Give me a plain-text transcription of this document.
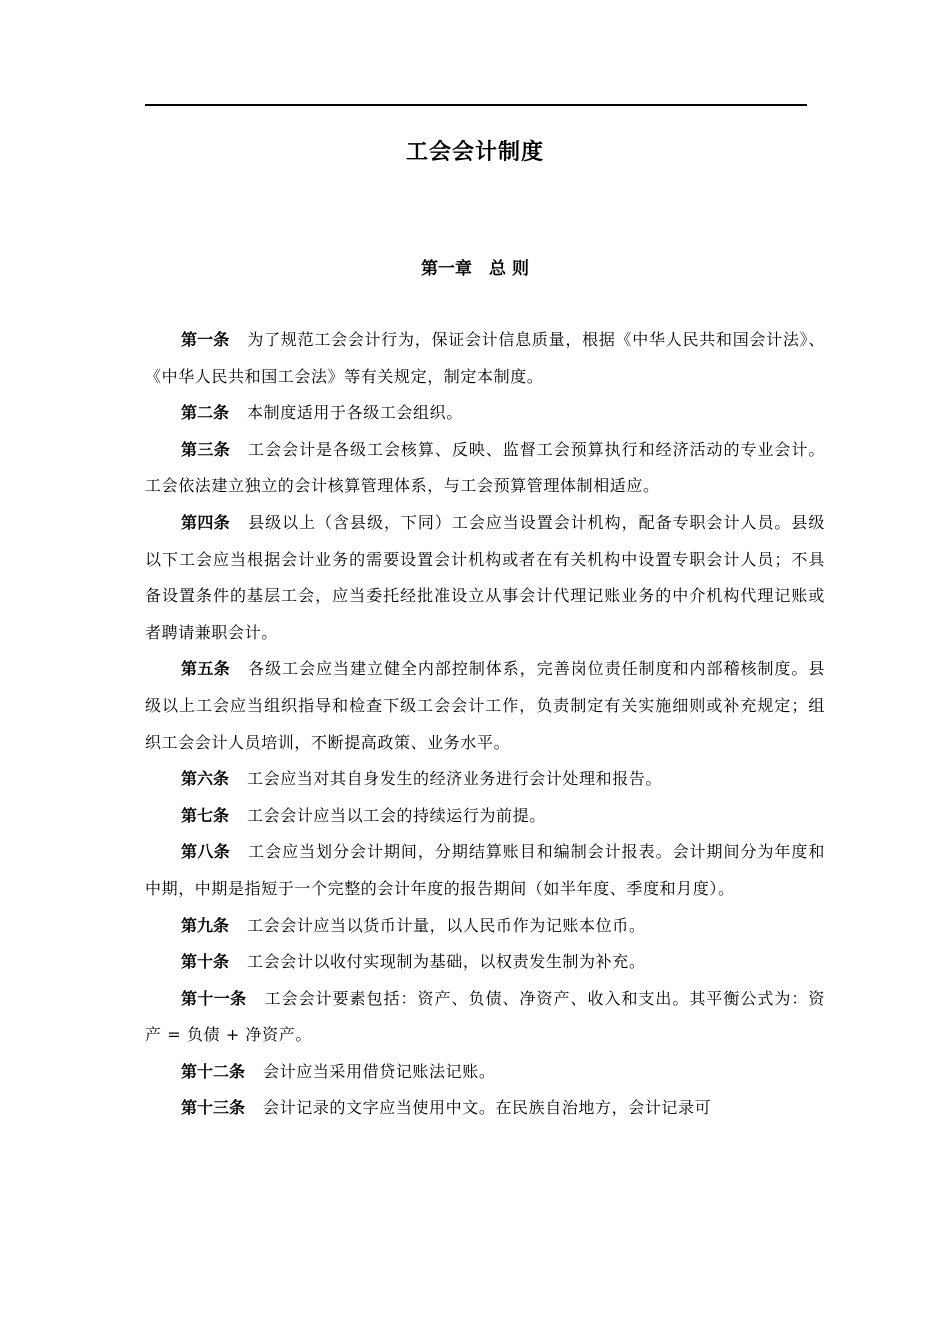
工会会计制度
第一章　总 则

第一条 为了规范工会会计行为，保证会计信息质量，根据《中华人民共和国会计法》、《中华人民共和国工会法》等有关规定，制定本制度。

第二条 本制度适用于各级工会组织。

第三条 工会会计是各级工会核算、反映、监督工会预算执行和经济活动的专业会计。工会依法建立独立的会计核算管理体系，与工会预算管理体制相适应。

第四条 县级以上（含县级，下同）工会应当设置会计机构，配备专职会计人员。县级以下工会应当根据会计业务的需要设置会计机构或者在有关机构中设置专职会计人员；不具备设置条件的基层工会，应当委托经批准设立从事会计代理记账业务的中介机构代理记账或者聘请兼职会计。

第五条 各级工会应当建立健全内部控制体系，完善岗位责任制度和内部稽核制度。县级以上工会应当组织指导和检查下级工会会计工作，负责制定有关实施细则或补充规定；组织工会会计人员培训，不断提高政策、业务水平。

第六条 工会应当对其自身发生的经济业务进行会计处理和报告。

第七条 工会会计应当以工会的持续运行为前提。

第八条 工会应当划分会计期间，分期结算账目和编制会计报表。会计期间分为年度和中期，中期是指短于一个完整的会计年度的报告期间（如半年度、季度和月度）。

第九条 工会会计应当以货币计量，以人民币作为记账本位币。

第十条 工会会计以收付实现制为基础，以权责发生制为补充。

第十一条 工会会计要素包括：资产、负债、净资产、收入和支出。其平衡公式为：资产 = 负债 + 净资产。

第十二条 会计应当采用借贷记账法记账。

第十三条 会计记录的文字应当使用中文。在民族自治地方，会计记录可
